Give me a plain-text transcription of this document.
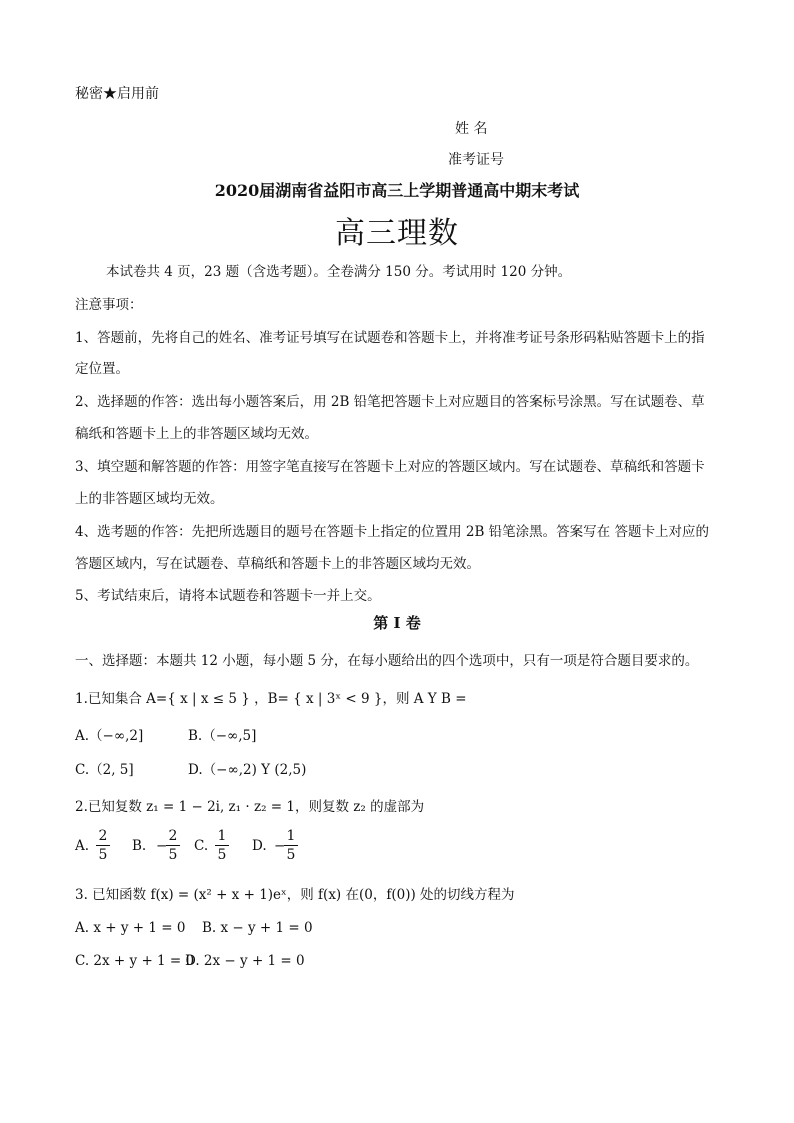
秘密★启用前
姓 名
准考证号
2020届湖南省益阳市高三上学期普通高中期末考试
高三理数
本试卷共 4 页，23 题（含选考题）。全卷满分 150 分。考试用时 120 分钟。
注意事项：
1、答题前，先将自己的姓名、准考证号填写在试题卷和答题卡上，并将准考证号条形码粘贴答题卡上的指
定位置。
2、选择题的作答：选出每小题答案后，用 2B 铅笔把答题卡上对应题目的答案标号涂黑。写在试题卷、草
稿纸和答题卡上上的非答题区域均无效。
3、填空题和解答题的作答：用签字笔直接写在答题卡上对应的答题区域内。写在试题卷、草稿纸和答题卡
上的非答题区域均无效。
4、选考题的作答：先把所选题目的题号在答题卡上指定的位置用 2B 铅笔涂黑。答案写在 答题卡上对应的
答题区域内，写在试题卷、草稿纸和答题卡上的非答题区域均无效。
5、考试结束后，请将本试题卷和答题卡一并上交。
第 I 卷
一、选择题：本题共 12 小题，每小题 5 分，在每小题给出的四个选项中，只有一项是符合题目要求的。
1.已知集合 A={ x | x ≤ 5 } ，B= { x | 3ˣ < 9 }，则 A Y B =
A.（−∞,2]	B.（−∞,5]
C.（2, 5]	D.（−∞,2) Y (2,5)
2.已知复数 z₁ = 1 − 2i, z₁ · z₂ = 1，则复数 z₂ 的虚部为
A. $\frac{2}{5} B$. −
$\frac{2}{5} C$. $\frac{1}{5} D$. −
$\frac{1}{5}$
3. 已知函数 f(x) = (x² + x + 1)eˣ，则 f(x) 在(0，f(0)) 处的切线方程为
A. x + y + 1 = 0 B. x − y + 1 = 0
C. 2x + y + 1 = 0
D. 2x − y + 1 = 0
